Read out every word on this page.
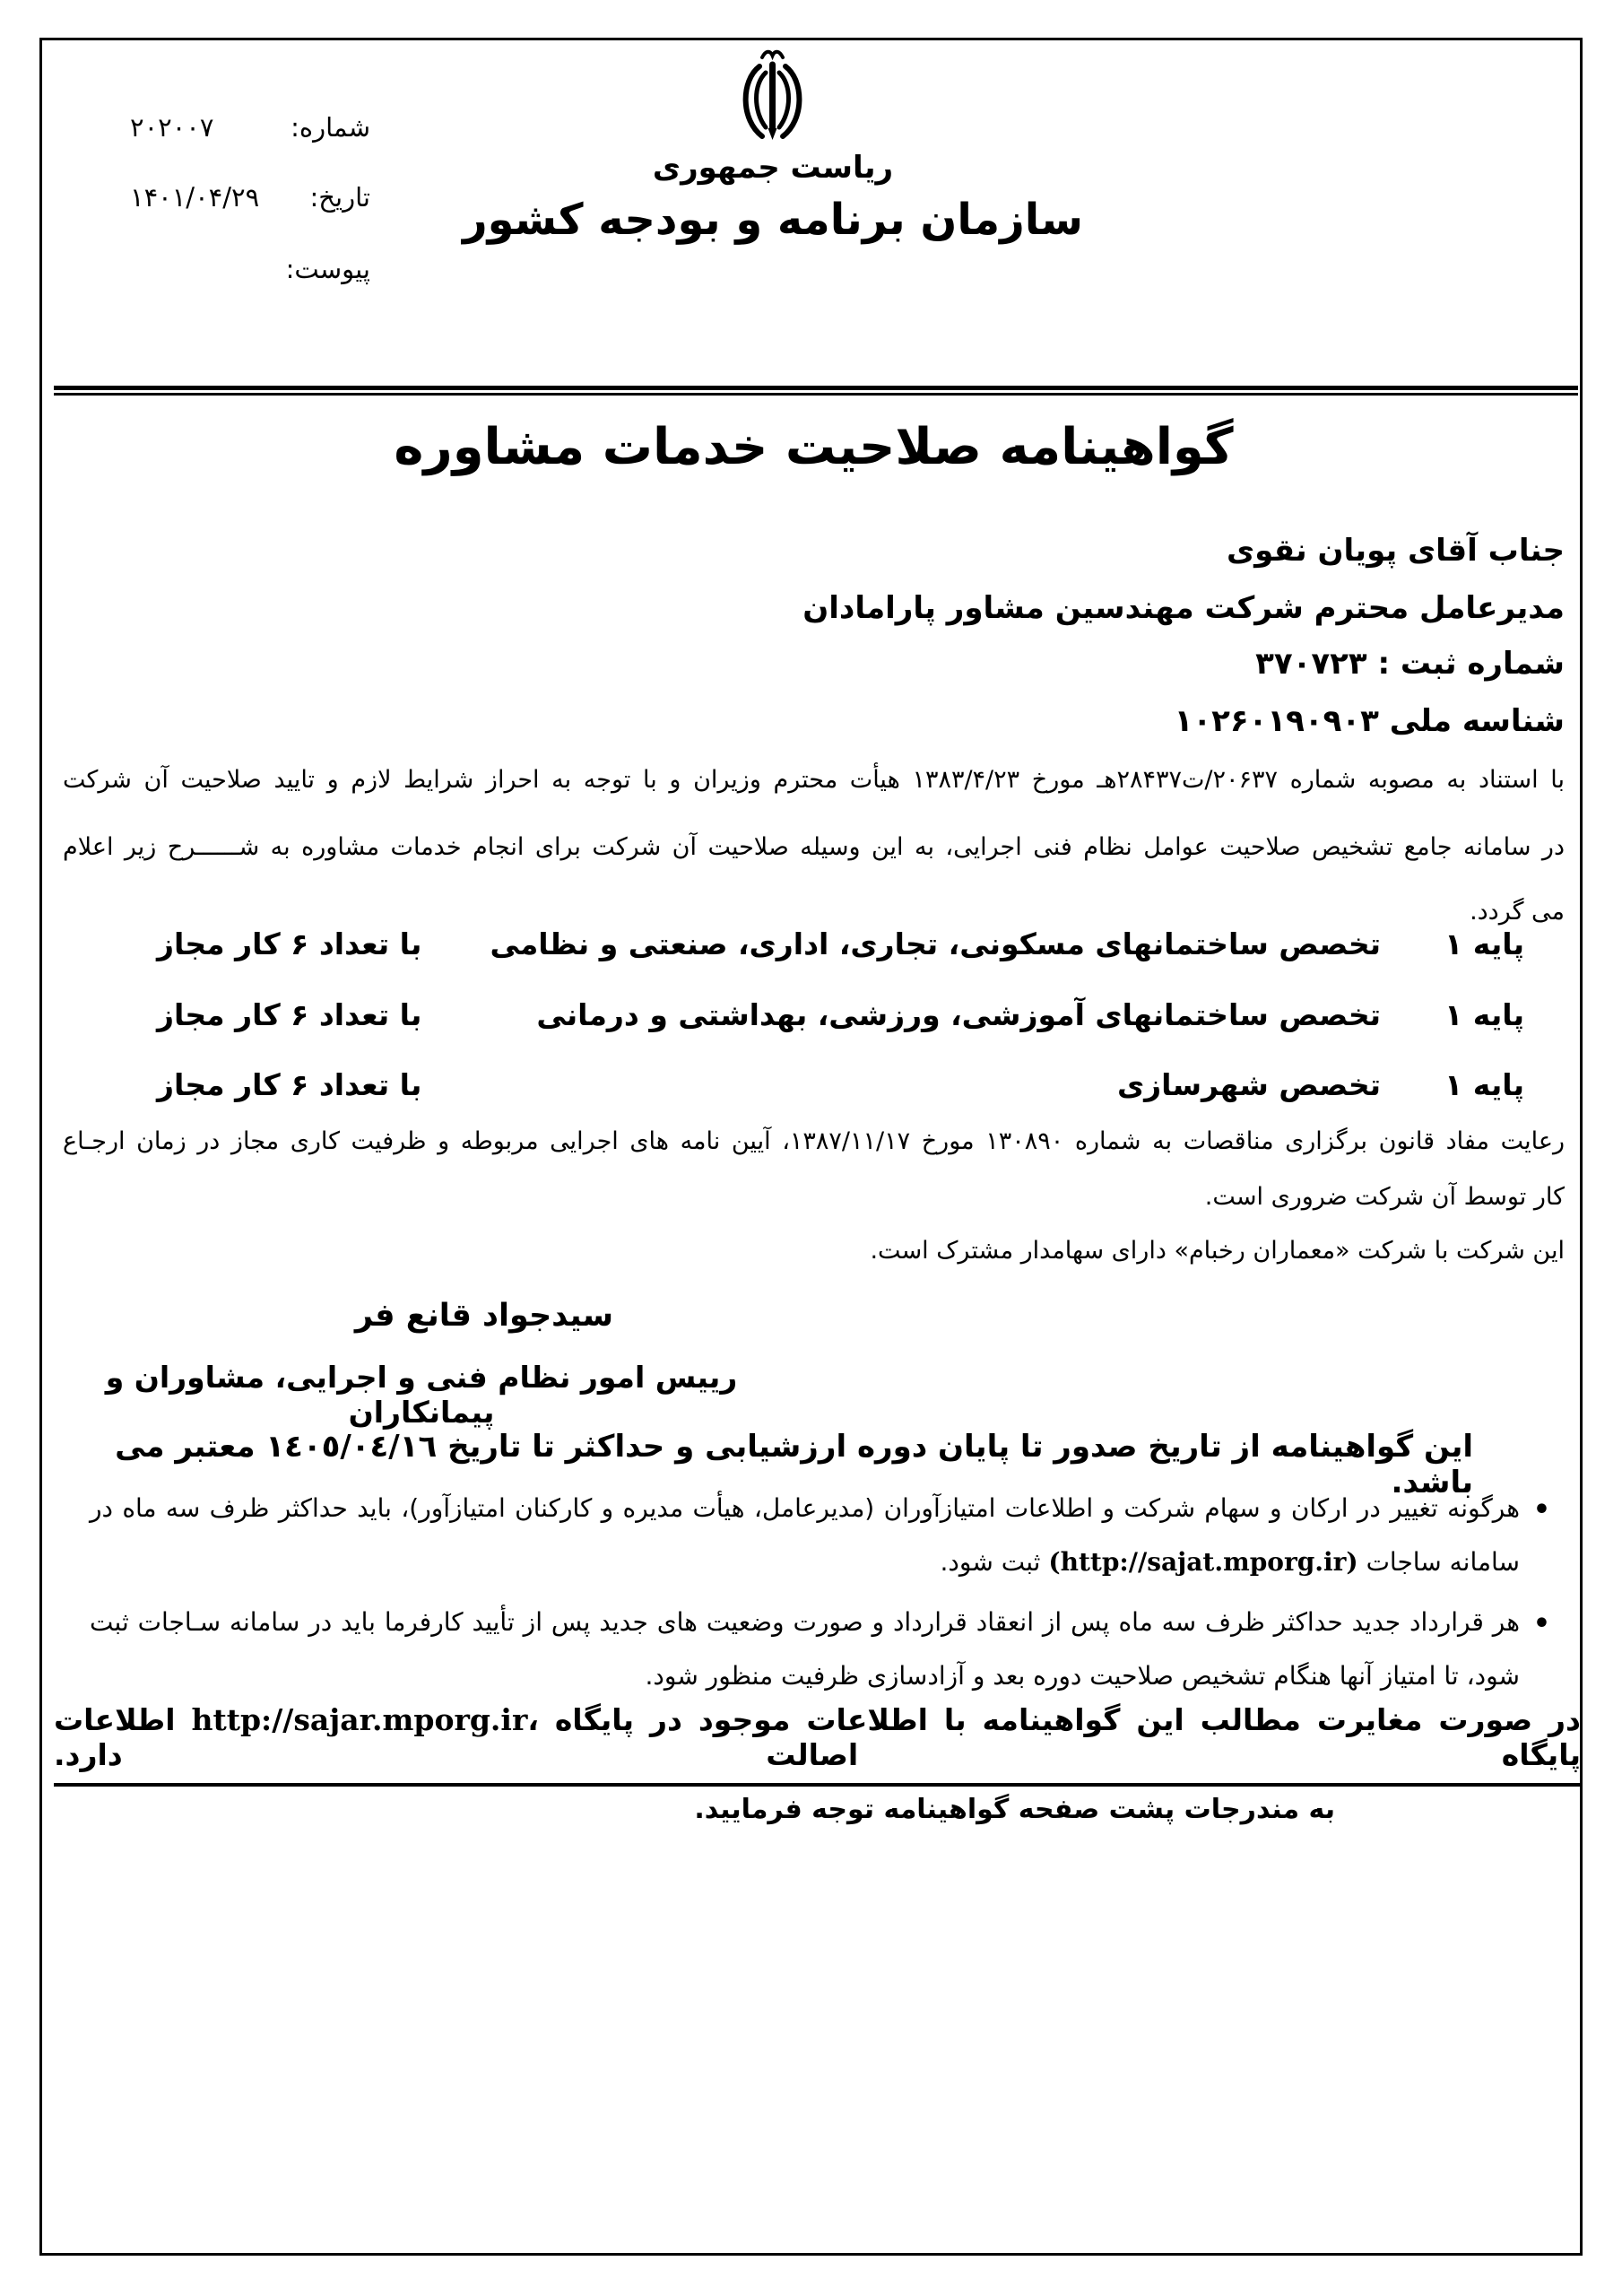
شماره:
۲۰۲۰۰۷
تاریخ:
۱۴۰۱/۰۴/۲۹
پیوست:
ریاست جمهوری
سازمان برنامه و بودجه کشور
گواهینامه صلاحیت خدمات مشاوره
جناب آقای پویان نقوی
مدیرعامل محترم شرکت مهندسین مشاور پارامادان
شماره ثبت : ۳۷۰۷۲۳
شناسه ملی ۱۰۲۶۰۱۹۰۹۰۳
با استناد به مصوبه شماره ۲۰۶۳۷/ت۲۸۴۳۷هـ مورخ ۱۳۸۳/۴/۲۳ هیأت محترم وزیران و با توجه به احراز شرایط لازم و تایید صلاحیت آن شرکت
در سامانه جامع تشخیص صلاحیت عوامل نظام فنی اجرایی، به این وسیله صلاحیت آن شرکت برای انجام خدمات مشاوره به شــــــرح زیر اعلام
می گردد.
پایه ۱
تخصص ساختمانهای مسکونی، تجاری، اداری، صنعتی و نظامی
با تعداد ۶ کار مجاز
پایه ۱
تخصص ساختمانهای آموزشی، ورزشی، بهداشتی و درمانی
با تعداد ۶ کار مجاز
پایه ۱
تخصص شهرسازی
با تعداد ۶ کار مجاز
رعایت مفاد قانون برگزاری مناقصات به شماره ۱۳۰۸۹۰ مورخ ۱۳۸۷/۱۱/۱۷، آیین نامه های اجرایی مربوطه و ظرفیت کاری مجاز در زمان ارجـاع
کار توسط آن شرکت ضروری است.
این شرکت با شرکت «معماران رخبام» دارای سهامدار مشترک است.
سیدجواد قانع فر
رییس امور نظام فنی و اجرایی، مشاوران و پیمانکاران
این گواهینامه از تاریخ صدور تا پایان دوره ارزشیابی و حداکثر تا تاریخ ١٤٠٥/٠٤/١٦ معتبر می باشد.
•
هرگونه تغییر در ارکان و سهام شرکت و اطلاعات امتیازآوران (مدیرعامل، هیأت مدیره و کارکنان امتیازآور)، باید حداکثر ظرف سه ماه در
سامانه ساجات (http://sajat.mporg.ir) ثبت شود.
•
هر قرارداد جدید حداکثر ظرف سه ماه پس از انعقاد قرارداد و صورت وضعیت های جدید پس از تأیید کارفرما باید در سامانه سـاجات ثبت
شود، تا امتیاز آنها هنگام تشخیص صلاحیت دوره بعد و آزادسازی ظرفیت منظور شود.
در صورت مغایرت مطالب این گواهینامه با اطلاعات موجود در پایگاه ،http://sajar.mporg.ir اطلاعات پایگاه اصالت دارد.
به مندرجات پشت صفحه گواهینامه توجه فرمایید.
